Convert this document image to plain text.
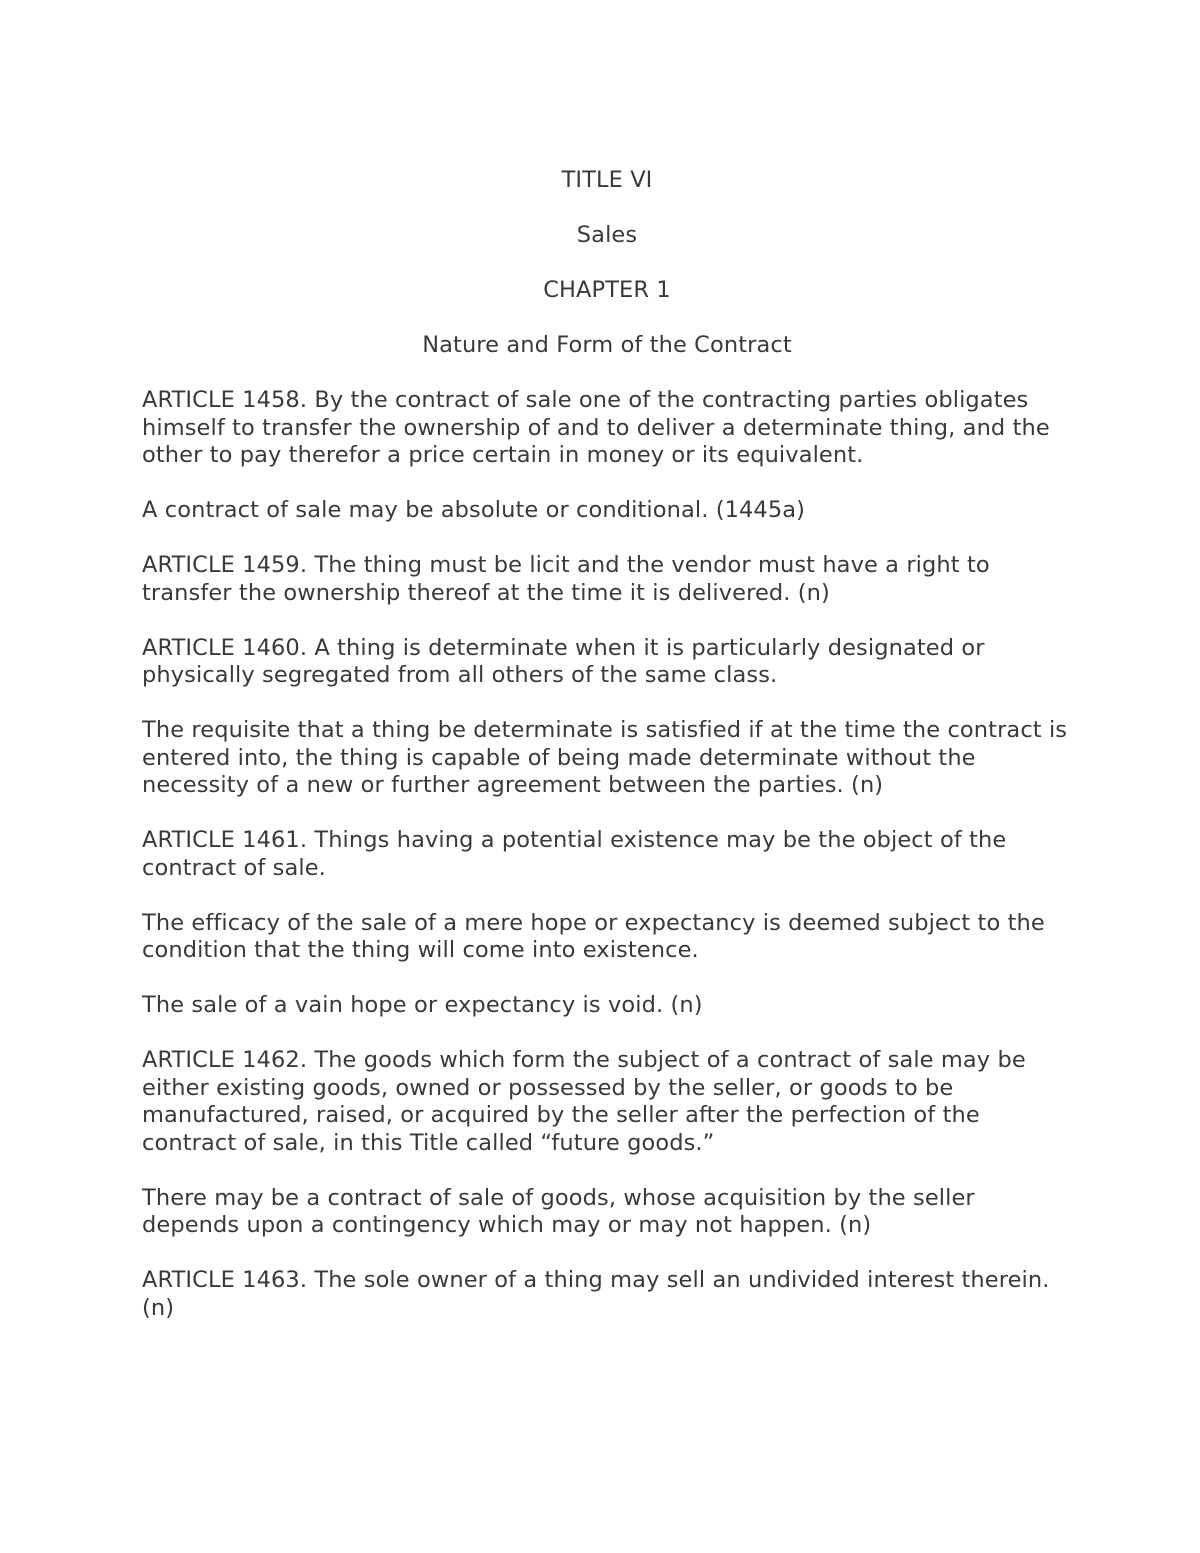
TITLE VI
Sales
CHAPTER 1
Nature and Form of the Contract
ARTICLE 1458. By the contract of sale one of the contracting parties obligates himself to transfer the ownership of and to deliver a determinate thing, and the other to pay therefor a price certain in money or its equivalent.
A contract of sale may be absolute or conditional. (1445a)
ARTICLE 1459. The thing must be licit and the vendor must have a right to transfer the ownership thereof at the time it is delivered. (n)
ARTICLE 1460. A thing is determinate when it is particularly designated or physically segregated from all others of the same class.
The requisite that a thing be determinate is satisfied if at the time the contract is entered into, the thing is capable of being made determinate without the necessity of a new or further agreement between the parties. (n)
ARTICLE 1461. Things having a potential existence may be the object of the contract of sale.
The efficacy of the sale of a mere hope or expectancy is deemed subject to the condition that the thing will come into existence.
The sale of a vain hope or expectancy is void. (n)
ARTICLE 1462. The goods which form the subject of a contract of sale may be either existing goods, owned or possessed by the seller, or goods to be manufactured, raised, or acquired by the seller after the perfection of the contract of sale, in this Title called “future goods.”
There may be a contract of sale of goods, whose acquisition by the seller depends upon a contingency which may or may not happen. (n)
ARTICLE 1463. The sole owner of a thing may sell an undivided interest therein. (n)
